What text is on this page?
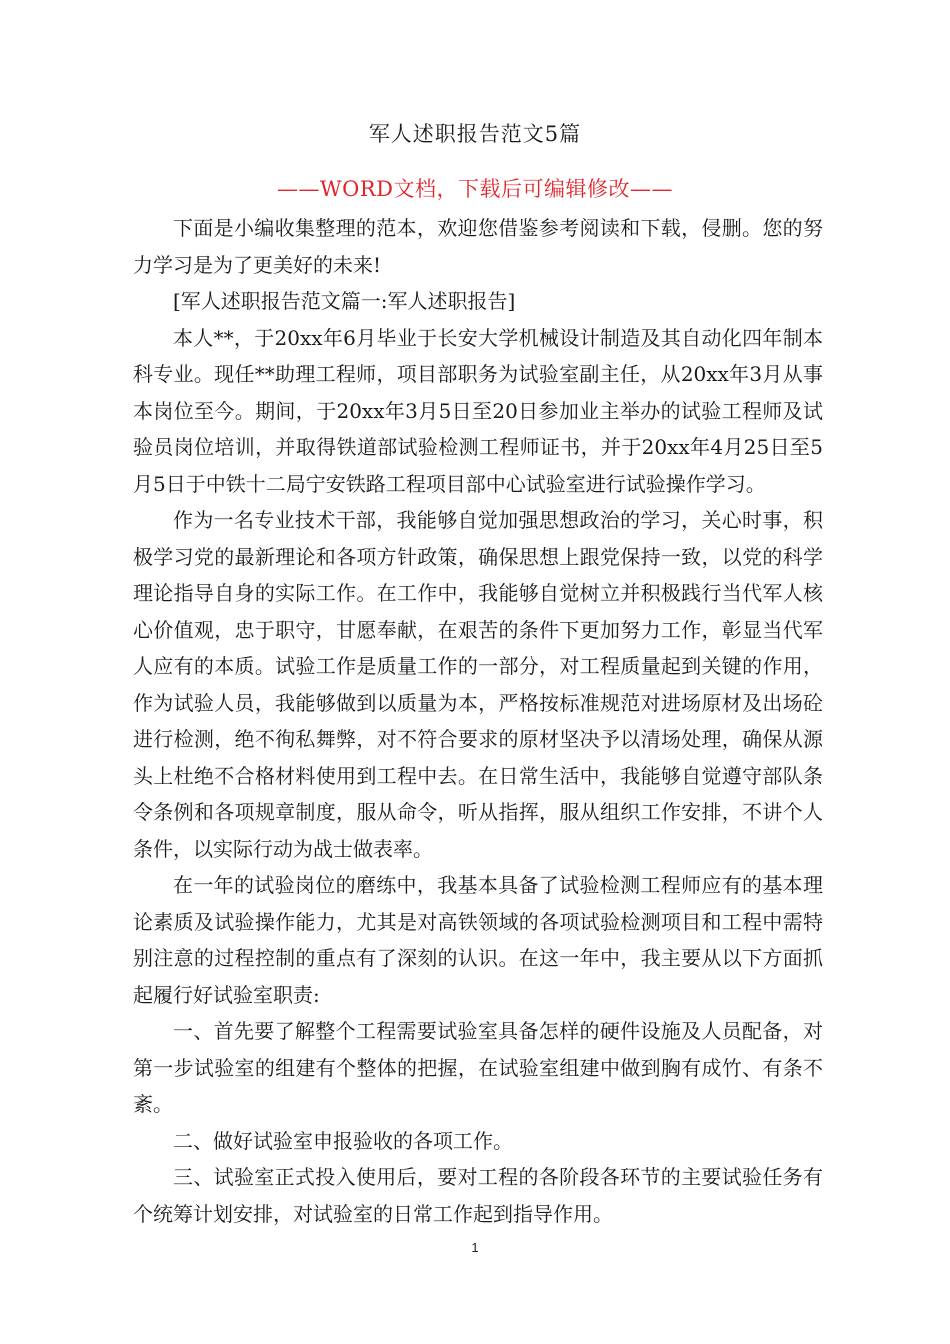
军人述职报告范文5篇
——WORD文档，下载后可编辑修改——

下面是小编收集整理的范本，欢迎您借鉴参考阅读和下载，侵删。您的努力学习是为了更美好的未来!

[军人述职报告范文篇一:军人述职报告]

本人**，于20xx年6月毕业于长安大学机械设计制造及其自动化四年制本科专业。现任**助理工程师，项目部职务为试验室副主任，从20xx年3月从事本岗位至今。期间，于20xx年3月5日至20日参加业主举办的试验工程师及试验员岗位培训，并取得铁道部试验检测工程师证书，并于20xx年4月25日至5月5日于中铁十二局宁安铁路工程项目部中心试验室进行试验操作学习。

作为一名专业技术干部，我能够自觉加强思想政治的学习，关心时事，积极学习党的最新理论和各项方针政策，确保思想上跟党保持一致，以党的科学理论指导自身的实际工作。在工作中，我能够自觉树立并积极践行当代军人核心价值观，忠于职守，甘愿奉献，在艰苦的条件下更加努力工作，彰显当代军人应有的本质。试验工作是质量工作的一部分，对工程质量起到关键的作用，作为试验人员，我能够做到以质量为本，严格按标准规范对进场原材及出场砼进行检测，绝不徇私舞弊，对不符合要求的原材坚决予以清场处理，确保从源头上杜绝不合格材料使用到工程中去。在日常生活中，我能够自觉遵守部队条令条例和各项规章制度，服从命令，听从指挥，服从组织工作安排，不讲个人条件，以实际行动为战士做表率。

在一年的试验岗位的磨练中，我基本具备了试验检测工程师应有的基本理论素质及试验操作能力，尤其是对高铁领域的各项试验检测项目和工程中需特别注意的过程控制的重点有了深刻的认识。在这一年中，我主要从以下方面抓起履行好试验室职责:

一、首先要了解整个工程需要试验室具备怎样的硬件设施及人员配备，对第一步试验室的组建有个整体的把握，在试验室组建中做到胸有成竹、有条不紊。

二、做好试验室申报验收的各项工作。

三、试验室正式投入使用后，要对工程的各阶段各环节的主要试验任务有个统筹计划安排，对试验室的日常工作起到指导作用。

1
